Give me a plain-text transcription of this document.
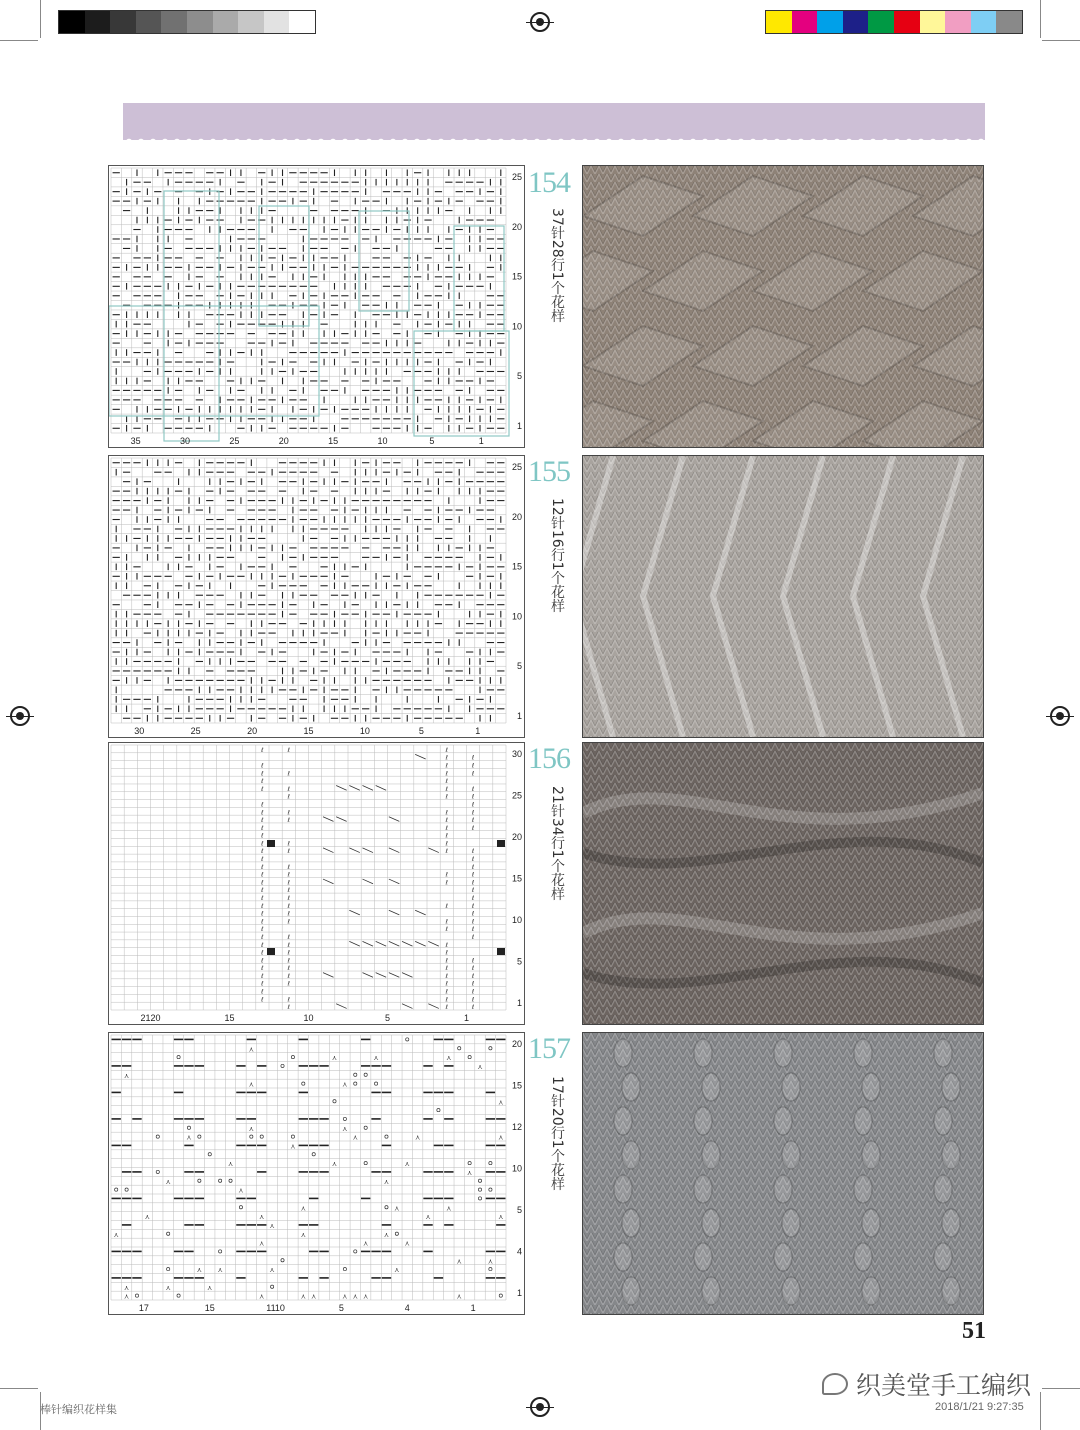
35	30	25	20	15	10	5	1
25
20
15
10
5
1
154
37针28行1个花样
30	25	20	15	10	5	1
25
20
15
10
5
1
155
12针16行1个花样
ℓ	ℓ	ℓ
ℓ	ℓ
ℓ	ℓ	ℓ
ℓ	ℓ	ℓ	ℓ
ℓ	ℓ
ℓ	ℓ	ℓ	ℓ
ℓ	ℓ	ℓ
ℓ	ℓ
ℓ	ℓ	ℓ	ℓ
ℓ	ℓ	ℓ	ℓ
ℓ	ℓ	ℓ
ℓ	ℓ
ℓ	ℓ	ℓ
ℓ	ℓ	ℓ	ℓ
ℓ	ℓ
ℓ	ℓ	ℓ
ℓ	ℓ	ℓ	ℓ
ℓ	ℓ	ℓ	ℓ
ℓ	ℓ	ℓ
ℓ	ℓ	ℓ
ℓ	ℓ	ℓ	ℓ
ℓ	ℓ	ℓ
ℓ	ℓ	ℓ	ℓ
ℓ	ℓ	ℓ
ℓ	ℓ	ℓ
ℓ	ℓ	ℓ
ℓ	ℓ	ℓ
ℓ	ℓ	ℓ	ℓ
ℓ	ℓ	ℓ	ℓ
ℓ	ℓ	ℓ	ℓ
ℓ	ℓ	ℓ	ℓ
ℓ	ℓ	ℓ
ℓ	ℓ	ℓ	ℓ
ℓ	ℓ	ℓ
2120	15	10	5	1
30
25
20
15
10
5
1
156
21针34行1个花样
⋏
⋏	⋏	⋏
⋏
⋏
⋏	⋏
⋏
⋏	⋏
⋏	⋏	⋏	⋏
⋏
⋏	⋏	⋏
⋏
⋏	⋏
⋏
⋏	⋏	⋏
⋏	⋏	⋏	⋏
⋏
⋏	⋏	⋏
⋏	⋏	⋏
⋏	⋏
⋏ ⋏	⋏	⋏
⋏	⋏	⋏
⋏	⋏	⋏ ⋏	⋏ ⋏ ⋏	⋏
17	15	1110	5	4	1
20
15
12
10
5
4
1
157
17针20行1个花样
51
织美堂手工编织
棒针编织花样集	2018/1/21 9:27:35
